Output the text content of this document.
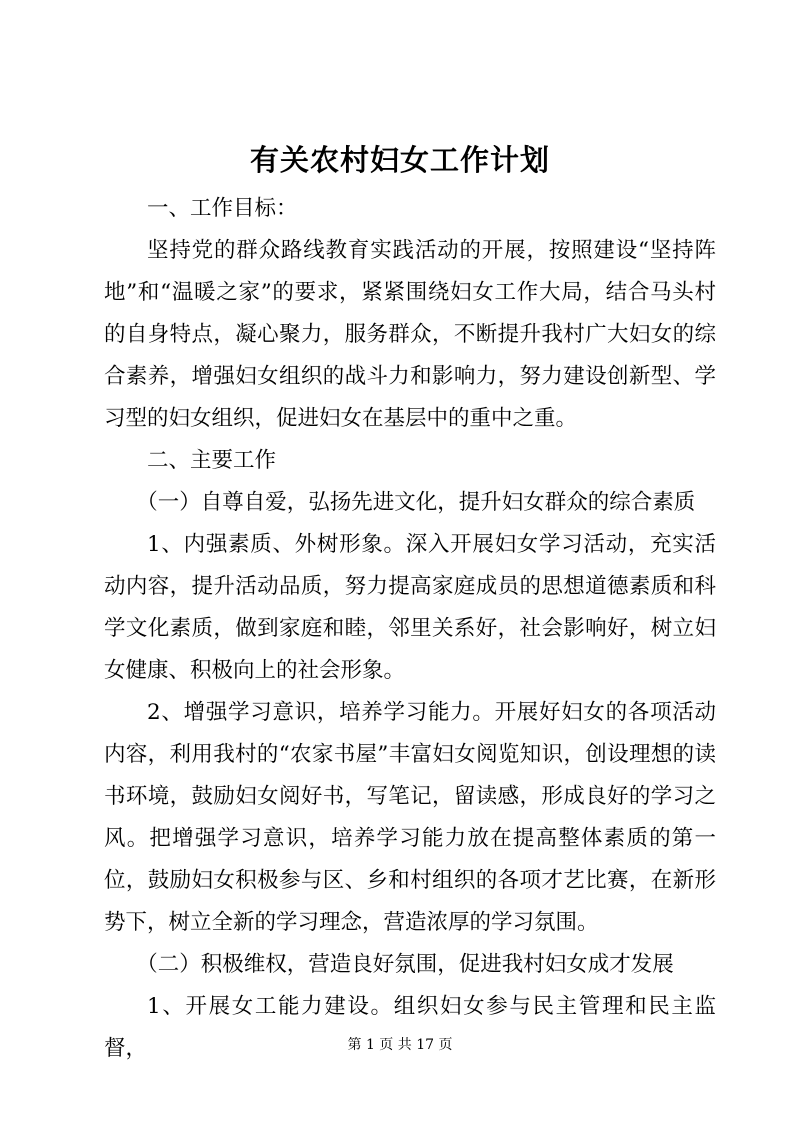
有关农村妇女工作计划

一、工作目标：

坚持党的群众路线教育实践活动的开展，按照建设“坚持阵地”和“温暖之家”的要求，紧紧围绕妇女工作大局，结合马头村的自身特点，凝心聚力，服务群众，不断提升我村广大妇女的综合素养，增强妇女组织的战斗力和影响力，努力建设创新型、学习型的妇女组织，促进妇女在基层中的重中之重。

二、主要工作

（一）自尊自爱，弘扬先进文化，提升妇女群众的综合素质

1、内强素质、外树形象。深入开展妇女学习活动，充实活动内容，提升活动品质，努力提高家庭成员的思想道德素质和科学文化素质，做到家庭和睦，邻里关系好，社会影响好，树立妇女健康、积极向上的社会形象。

2、增强学习意识，培养学习能力。开展好妇女的各项活动内容，利用我村的“农家书屋”丰富妇女阅览知识，创设理想的读书环境，鼓励妇女阅好书，写笔记，留读感，形成良好的学习之风。把增强学习意识，培养学习能力放在提高整体素质的第一位，鼓励妇女积极参与区、乡和村组织的各项才艺比赛，在新形势下，树立全新的学习理念，营造浓厚的学习氛围。

（二）积极维权，营造良好氛围，促进我村妇女成才发展

1、开展女工能力建设。组织妇女参与民主管理和民主监督，	第 1 页 共 17 页
